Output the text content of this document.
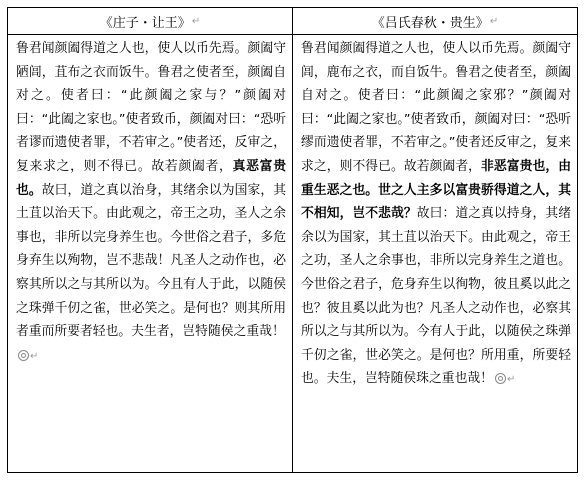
《庄子・让王》 ↵	《吕氏春秋・贵生》 ↵
鲁君闻颜阖得道之人也，使人以币先焉。颜阖守陋闾，苴布之衣而饭牛。鲁君之使者至，颜阖自对之。使者曰：“此颜阖之家与？”颜阖对曰：“此阖之家也。”使者致币，颜阖对曰：“恐听者谬而遗使者罪，不若审之。”使者还，反审之，复来求之，则不得已。故若颜阖者，真恶富贵也。故曰，道之真以治身，其绪余以为国家，其土苴以治天下。由此观之，帝王之功，圣人之余事也，非所以完身养生也。今世俗之君子，多危身弃生以殉物，岂不悲哉！凡圣人之动作也，必察其所以之与其所以为。今且有人于此，以随侯之珠弹千仞之雀，世必笑之。是何也？则其所用者重而所要者轻也。夫生者，岂特随侯之重哉！
↵
鲁君闻颜阖得道之人也，使人以币先焉。颜阖守闾，鹿布之衣，而自饭牛。鲁君之使者至，颜阖自对之。使者曰：“此颜阖之家邪？”颜阖对曰：“此阖之家也。”使者致币，颜阖对曰：“恐听缪而遗使者罪，不若审之。”使者还反审之，复来求之，则不得已。故若颜阖者，非恶富贵也，由重生恶之也。世之人主多以富贵骄得道之人，其不相知，岂不悲哉？故曰：道之真以持身，其绪余以为国家，其土苴以治天下。由此观之，帝王之功，圣人之余事也，非所以完身养生之道也。今世俗之君子，危身弃生以徇物，彼且奚以此之也？彼且奚以此为也？凡圣人之动作也，必察其所以之与其所以为。今有人于此，以随侯之珠弹千仞之雀，世必笑之。是何也？所用重，所要轻也。夫生，岂特随侯珠之重也哉！ ↵
